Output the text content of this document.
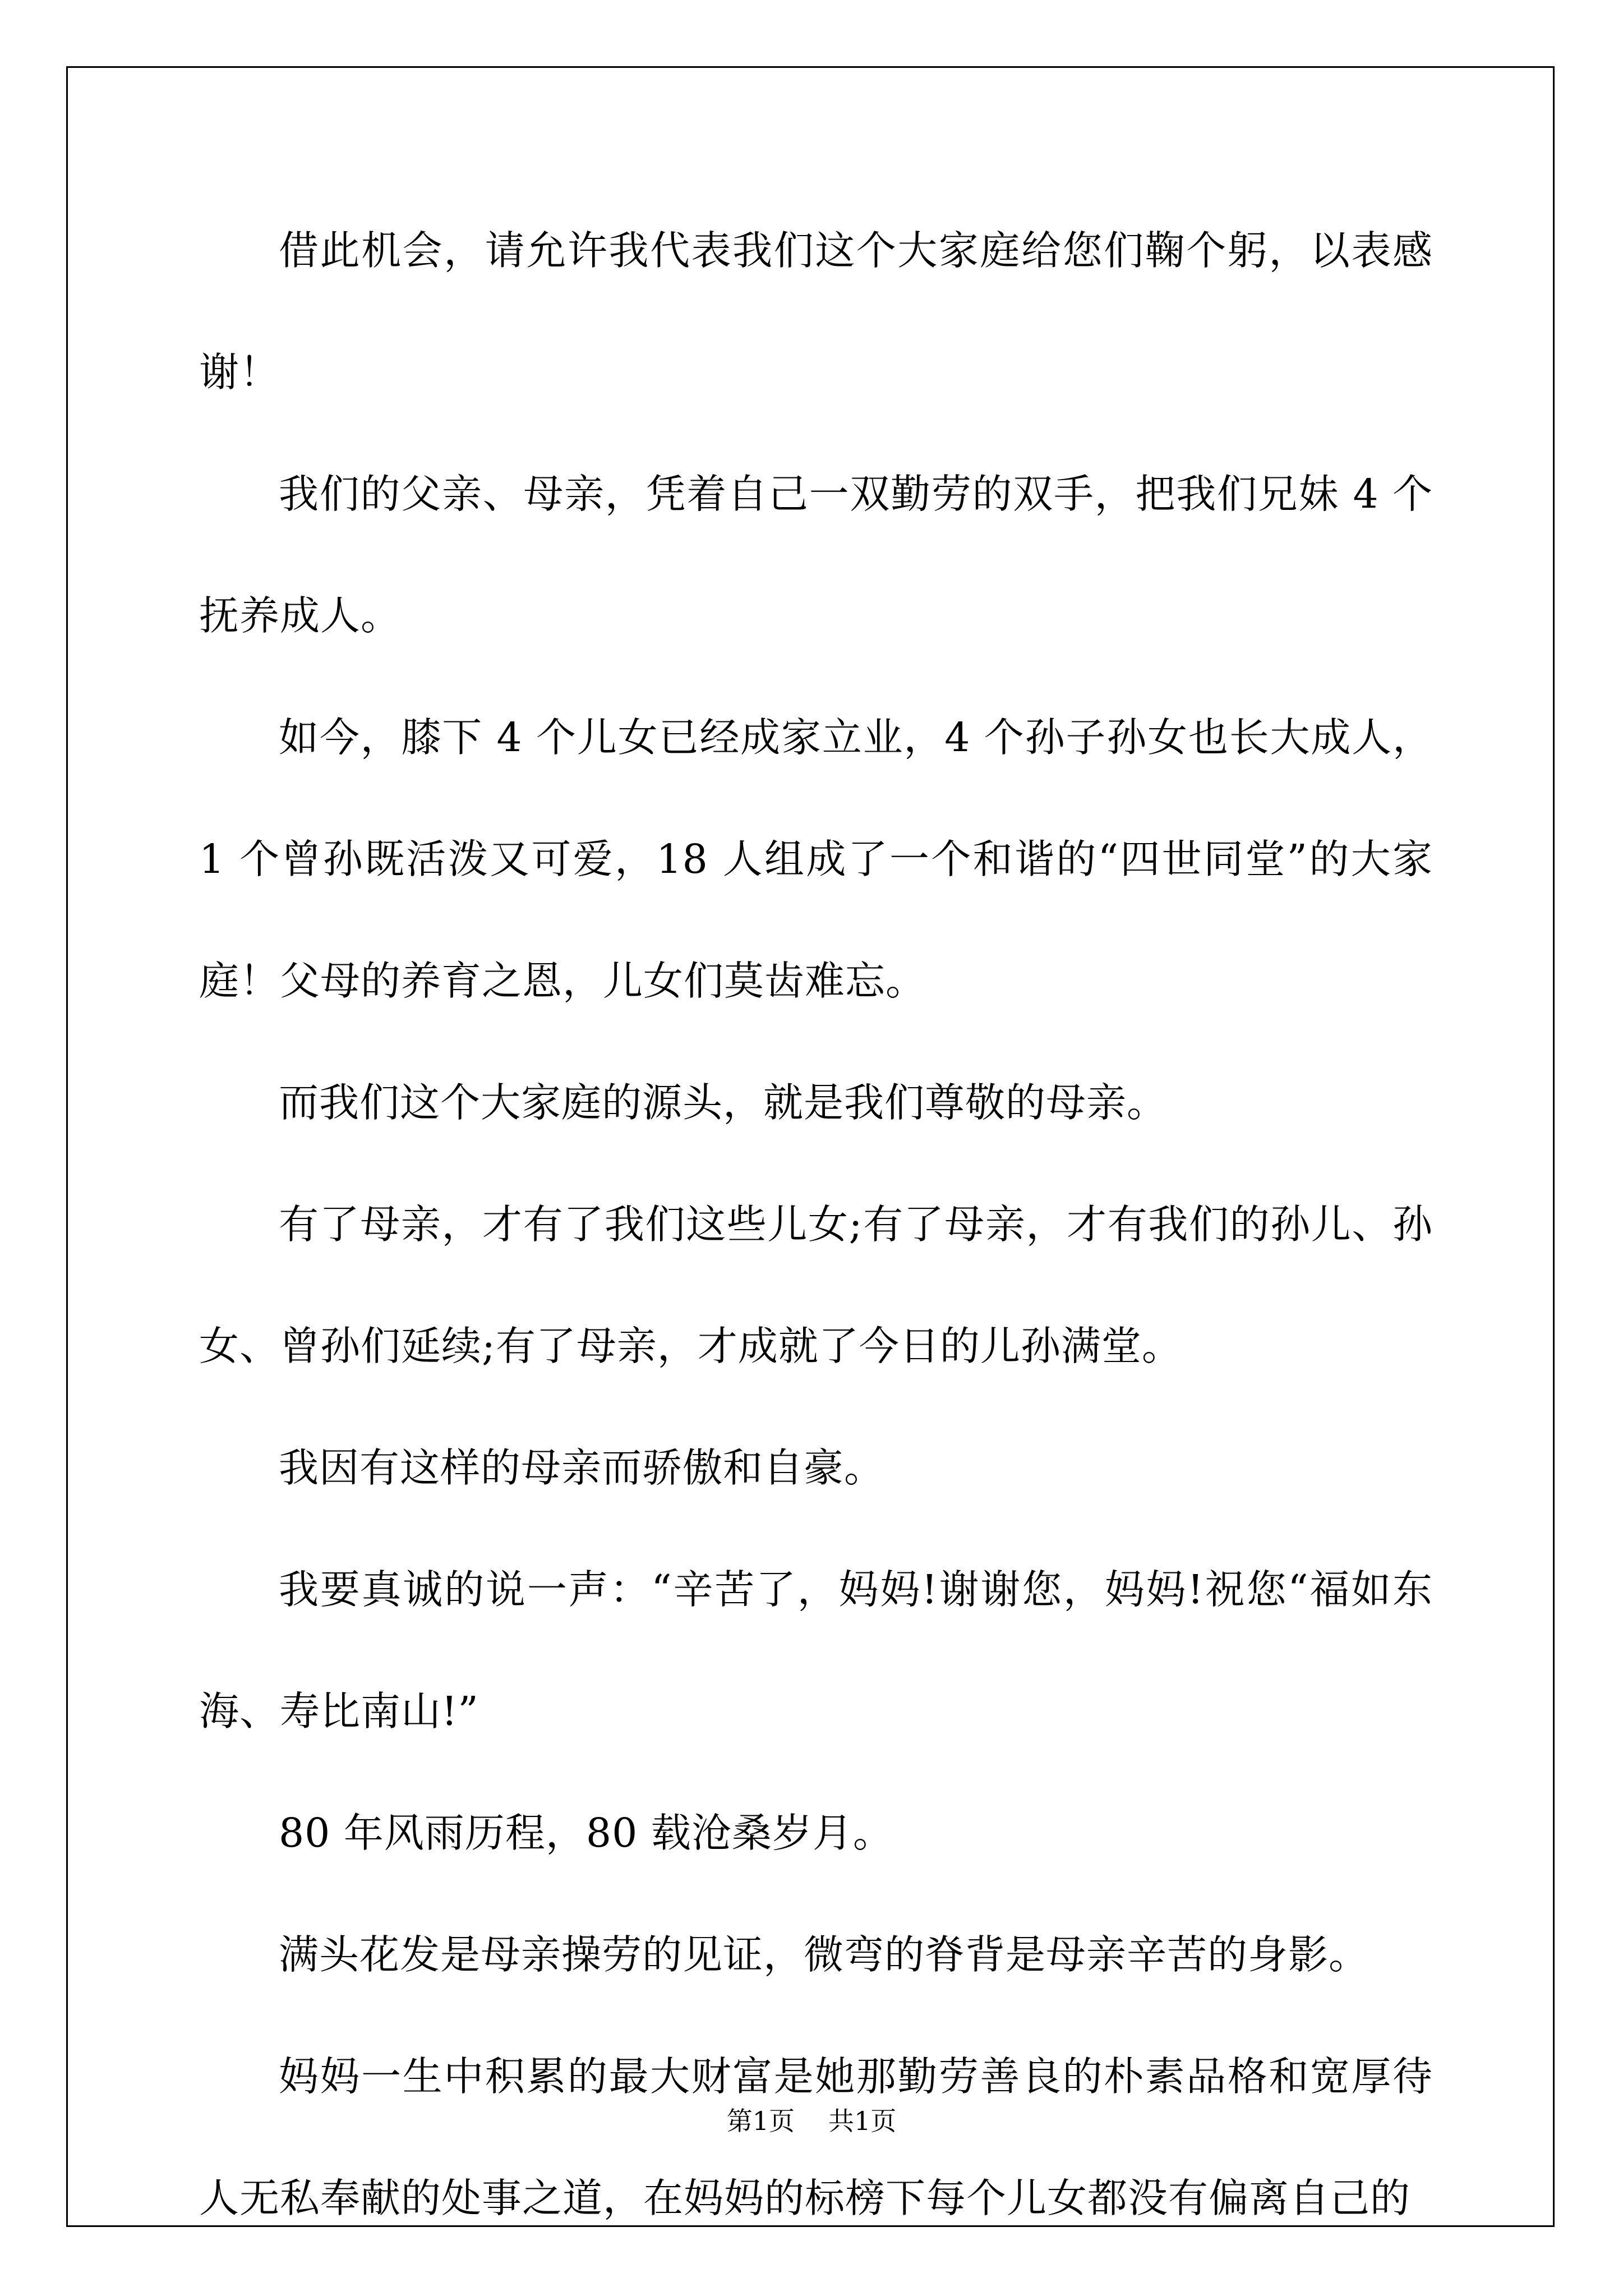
借此机会，请允许我代表我们这个大家庭给您们鞠个躬，以表感谢！

我们的父亲、母亲，凭着自己一双勤劳的双手，把我们兄妹 4 个抚养成人。

如今，膝下 4 个儿女已经成家立业，4 个孙子孙女也长大成人，1 个曾孙既活泼又可爱，18 人组成了一个和谐的“四世同堂”的大家庭！父母的养育之恩，儿女们莫齿难忘。

而我们这个大家庭的源头，就是我们尊敬的母亲。

有了母亲，才有了我们这些儿女;有了母亲，才有我们的孙儿、孙女、曾孙们延续;有了母亲，才成就了今日的儿孙满堂。

我因有这样的母亲而骄傲和自豪。

我要真诚的说一声：“辛苦了，妈妈!谢谢您，妈妈!祝您“福如东海、寿比南山!”

80 年风雨历程，80 载沧桑岁月。

满头花发是母亲操劳的见证，微弯的脊背是母亲辛苦的身影。

妈妈一生中积累的最大财富是她那勤劳善良的朴素品格和宽厚待人无私奉献的处事之道，在妈妈的标榜下每个儿女都没有偏离自己的

第1页 共1页
